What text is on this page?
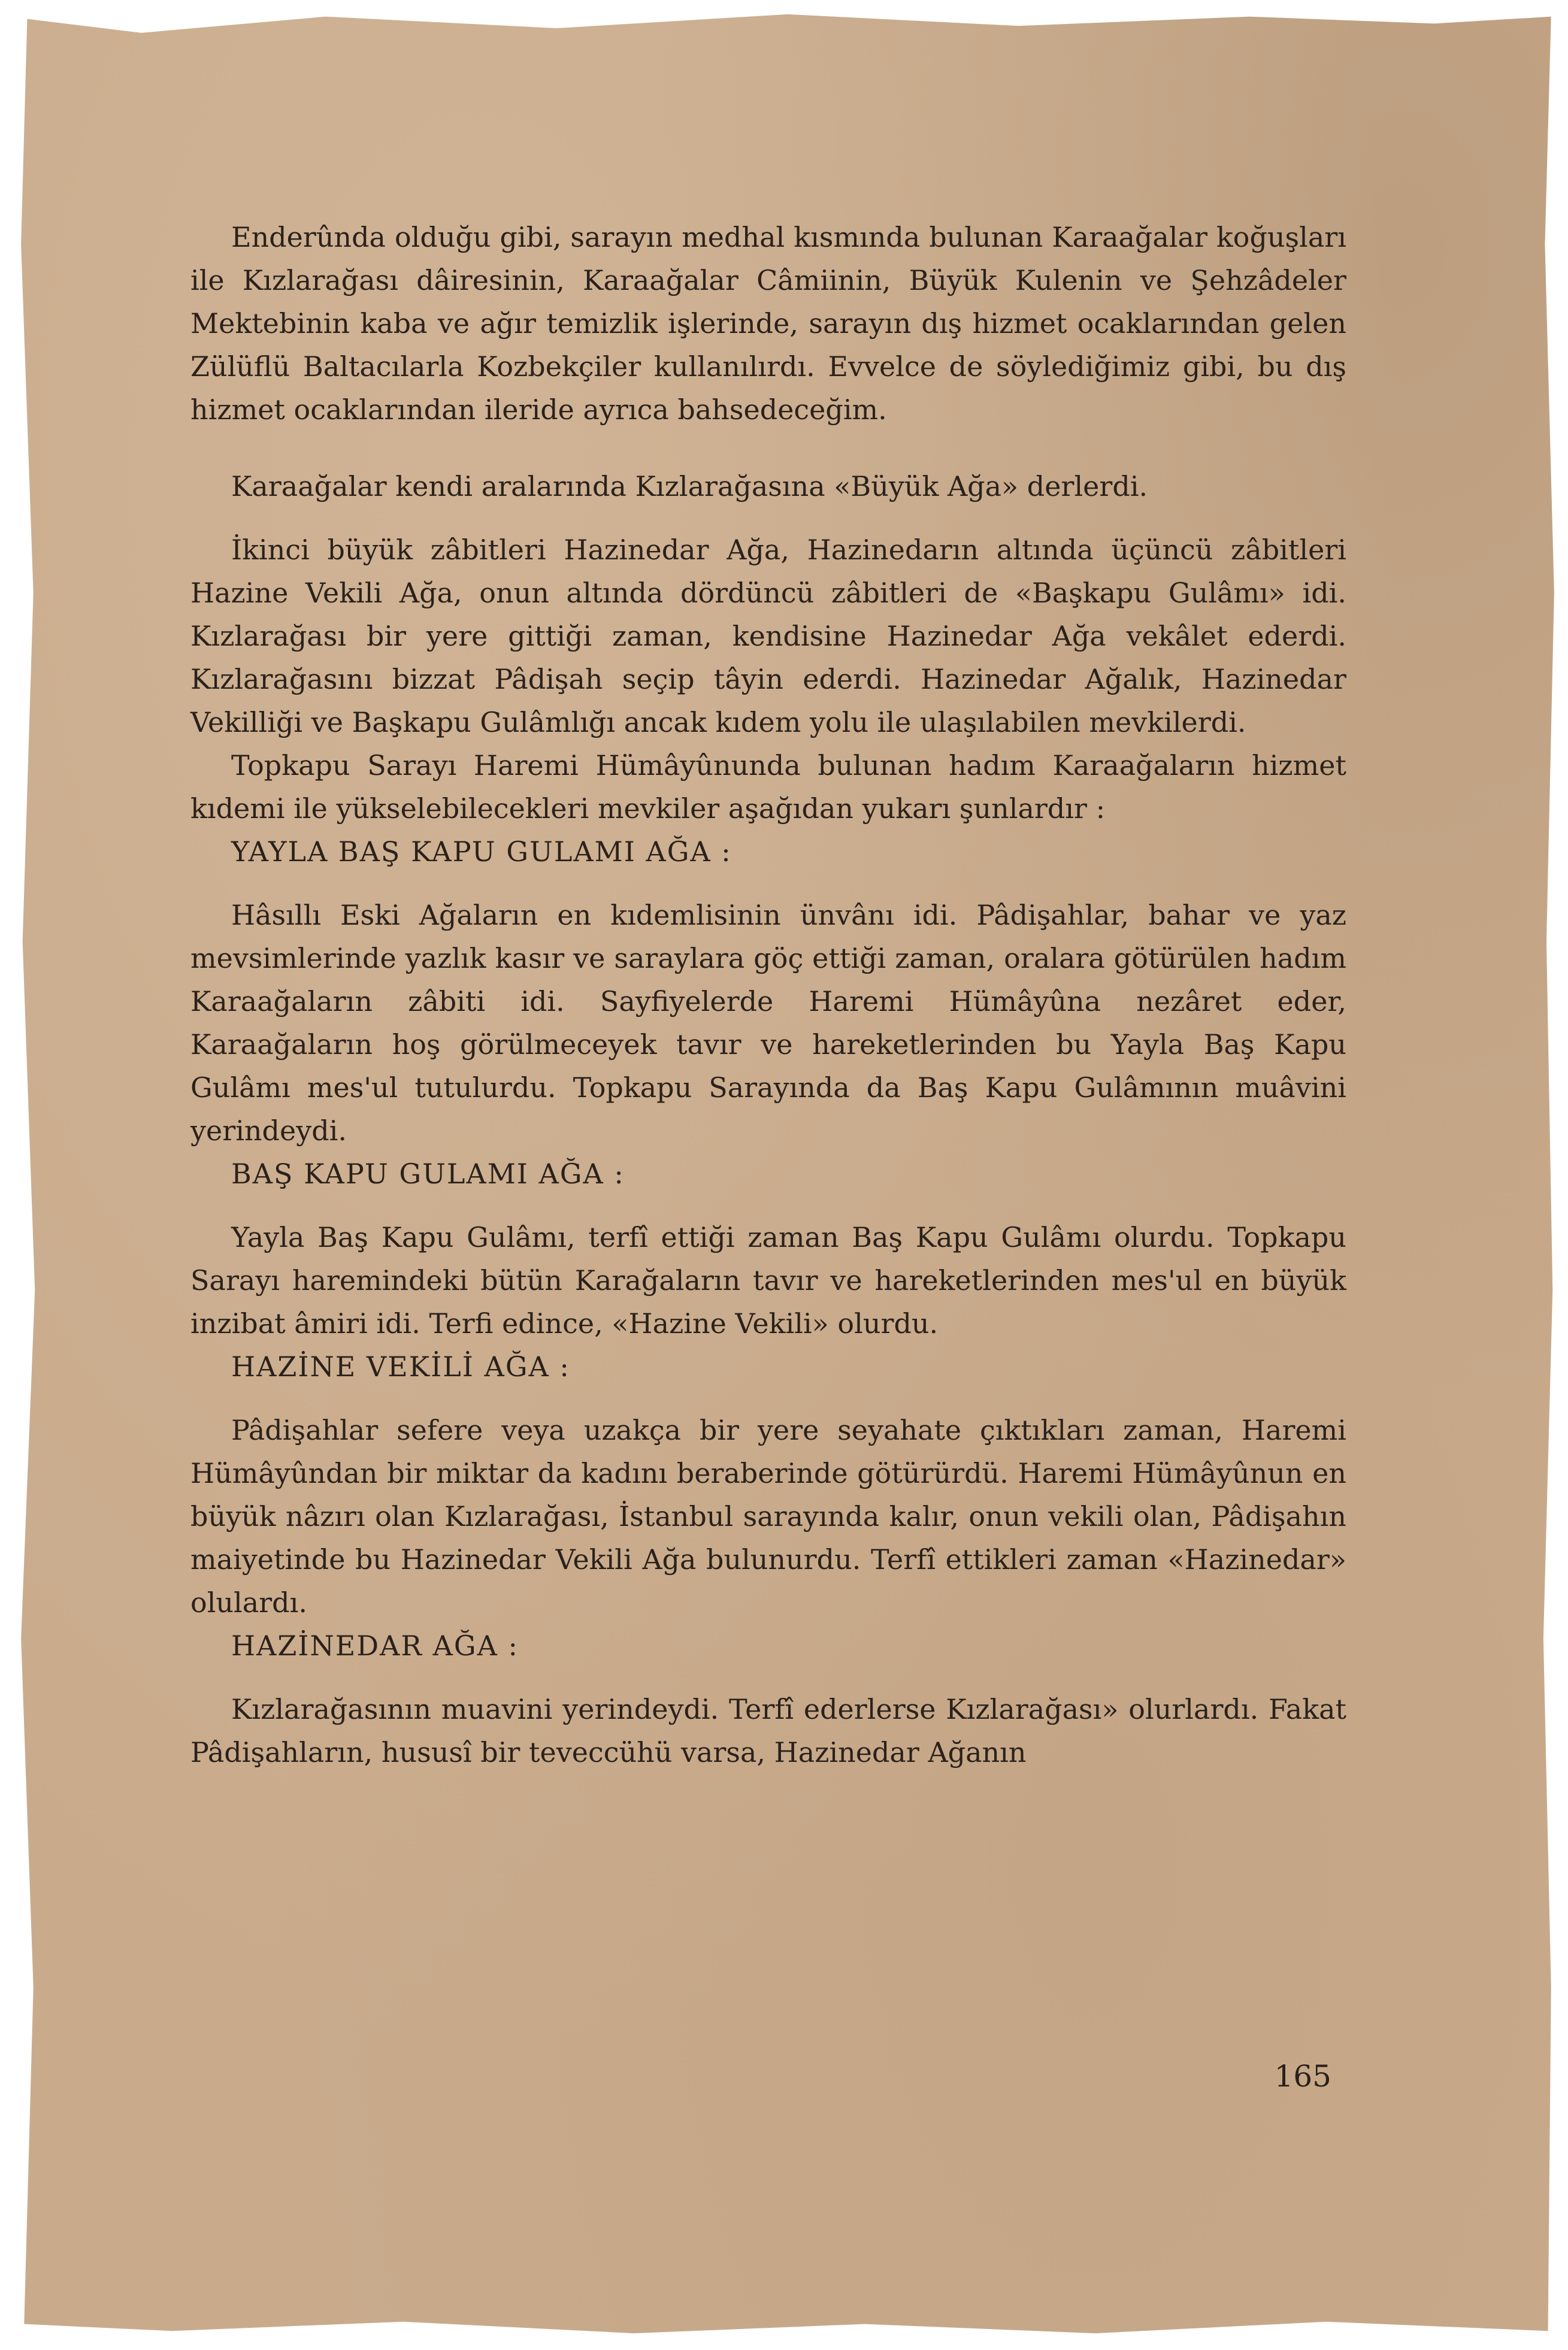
Enderûnda olduğu gibi, sarayın medhal kısmında bulunan Karaağalar koğuşları ile Kızlarağası dâiresinin, Karaağalar Câmiinin, Büyük Kulenin ve Şehzâdeler Mektebinin kaba ve ağır temizlik işlerinde, sarayın dış hizmet ocaklarından gelen Zülüflü Baltacılarla Kozbekçiler kullanılırdı. Evvelce de söylediğimiz gibi, bu dış hizmet ocaklarından ileride ayrıca bahsedeceğim.

Karaağalar kendi aralarında Kızlarağasına «Büyük Ağa» derlerdi.

İkinci büyük zâbitleri Hazinedar Ağa, Hazinedarın altında üçüncü zâbitleri Hazine Vekili Ağa, onun altında dördüncü zâbitleri de «Başkapu Gulâmı» idi. Kızlarağası bir yere gittiği zaman, kendisine Hazinedar Ağa vekâlet ederdi. Kızlarağasını bizzat Pâdişah seçip tâyin ederdi. Hazinedar Ağalık, Hazinedar Vekilliği ve Başkapu Gulâmlığı ancak kıdem yolu ile ulaşılabilen mevkilerdi.

Topkapu Sarayı Haremi Hümâyûnunda bulunan hadım Karaağaların hizmet kıdemi ile yükselebilecekleri mevkiler aşağıdan yukarı şunlardır :

YAYLA BAŞ KAPU GULAMI AĞA :

Hâsıllı Eski Ağaların en kıdemlisinin ünvânı idi. Pâdişahlar, bahar ve yaz mevsimlerinde yazlık kasır ve saraylara göç ettiği zaman, oralara götürülen hadım Karaağaların zâbiti idi. Sayfiyelerde Haremi Hümâyûna nezâret eder, Karaağaların hoş görülmeceyek tavır ve hareketlerinden bu Yayla Baş Kapu Gulâmı mes'ul tutulurdu. Topkapu Sarayında da Baş Kapu Gulâmının muâvini yerindeydi.

BAŞ KAPU GULAMI AĞA :

Yayla Baş Kapu Gulâmı, terfî ettiği zaman Baş Kapu Gulâmı olurdu. Topkapu Sarayı haremindeki bütün Karağaların tavır ve hareketlerinden mes'ul en büyük inzibat âmiri idi. Terfi edince, «Hazine Vekili» olurdu.

HAZİNE VEKİLİ AĞA :

Pâdişahlar sefere veya uzakça bir yere seyahate çıktıkları zaman, Haremi Hümâyûndan bir miktar da kadını beraberinde götürürdü. Haremi Hümâyûnun en büyük nâzırı olan Kızlarağası, İstanbul sarayında kalır, onun vekili olan, Pâdişahın maiyetinde bu Hazinedar Vekili Ağa bulunurdu. Terfî ettikleri zaman «Hazinedar» olulardı.

HAZİNEDAR AĞA :

Kızlarağasının muavini yerindeydi. Terfî ederlerse Kızlarağası» olurlardı. Fakat Pâdişahların, hususî bir teveccühü varsa, Hazinedar Ağanın

165
